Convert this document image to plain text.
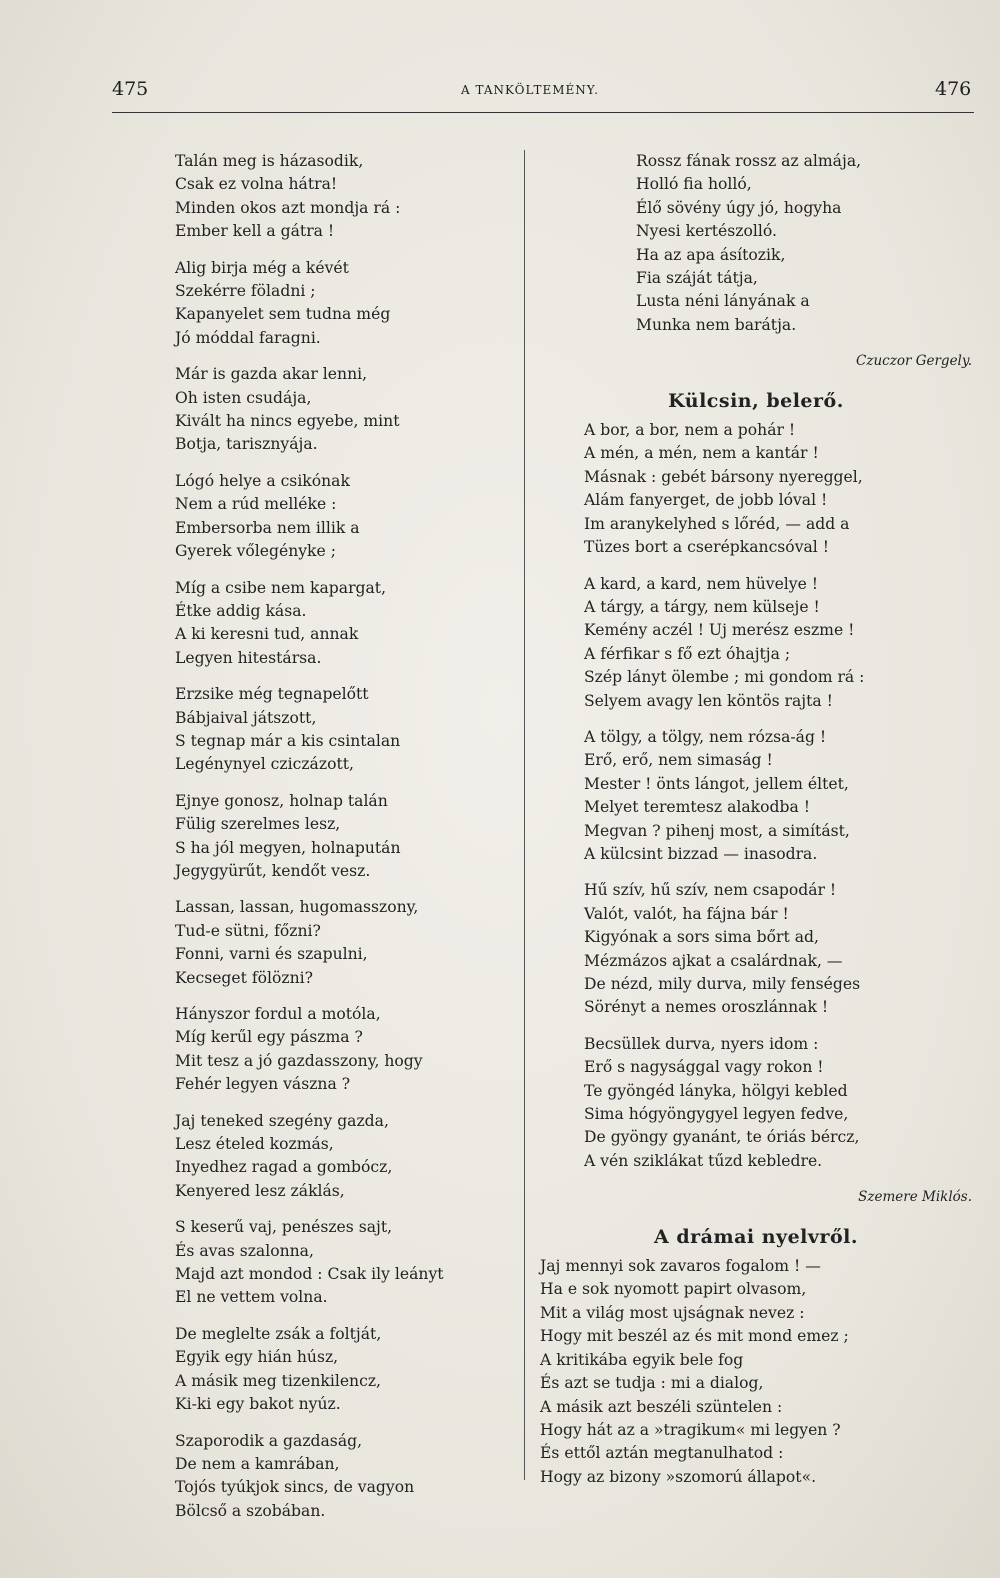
475	A TANKÖLTEMÉNY.	476
Talán meg is házasodik,
Csak ez volna hátra!
Minden okos azt mondja rá :
Ember kell a gátra !
Alig birja még a kévét
Szekérre föladni ;
Kapanyelet sem tudna még
Jó móddal faragni.
Már is gazda akar lenni,
Oh isten csudája,
Kivált ha nincs egyebe, mint
Botja, tarisznyája.
Lógó helye a csikónak
Nem a rúd melléke :
Embersorba nem illik a
Gyerek vőlegényke ;
Míg a csibe nem kapargat,
Étke addig kása.
A ki keresni tud, annak
Legyen hitestársa.
Erzsike még tegnapelőtt
Bábjaival játszott,
S tegnap már a kis csintalan
Legénynyel cziczázott,
Ejnye gonosz, holnap talán
Fülig szerelmes lesz,
S ha jól megyen, holnapután
Jegygyürűt, kendőt vesz.
Lassan, lassan, hugomasszony,
Tud-e sütni, főzni?
Fonni, varni és szapulni,
Kecseget fölözni?
Hányszor fordul a motóla,
Míg kerűl egy pászma ?
Mit tesz a jó gazdasszony, hogy
Fehér legyen vászna ?
Jaj teneked szegény gazda,
Lesz ételed kozmás,
Inyedhez ragad a gombócz,
Kenyered lesz záklás,
S keserű vaj, penészes sajt,
És avas szalonna,
Majd azt mondod : Csak ily leányt
El ne vettem volna.
De meglelte zsák a foltját,
Egyik egy hián húsz,
A másik meg tizenkilencz,
Ki-ki egy bakot nyúz.
Szaporodik a gazdaság,
De nem a kamrában,
Tojós tyúkjok sincs, de vagyon
Bölcső a szobában.
Rossz fának rossz az almája,
Holló fia holló,
Élő sövény úgy jó, hogyha
Nyesi kertészolló.
Ha az apa ásítozik,
Fia száját tátja,
Lusta néni lányának a
Munka nem barátja.
Czuczor Gergely.
Külcsin, belerő.
A bor, a bor, nem a pohár !
A mén, a mén, nem a kantár !
Másnak : gebét bársony nyereggel,
Alám fanyerget, de jobb lóval !
Im aranykelyhed s lőréd, — add a
Tüzes bort a cserépkancsóval !
A kard, a kard, nem hüvelye !
A tárgy, a tárgy, nem külseje !
Kemény aczél ! Uj merész eszme !
A férfikar s fő ezt óhajtja ;
Szép lányt ölembe ; mi gondom rá :
Selyem avagy len köntös rajta !
A tölgy, a tölgy, nem rózsa-ág !
Erő, erő, nem simaság !
Mester ! önts lángot, jellem éltet,
Melyet teremtesz alakodba !
Megvan ? pihenj most, a simítást,
A külcsint bizzad — inasodra.
Hű szív, hű szív, nem csapodár !
Valót, valót, ha fájna bár !
Kigyónak a sors sima bőrt ad,
Mézmázos ajkat a csalárdnak, —
De nézd, mily durva, mily fenséges
Sörényt a nemes oroszlánnak !
Becsüllek durva, nyers idom :
Erő s nagysággal vagy rokon !
Te gyöngéd lányka, hölgyi kebled
Sima hógyöngygyel legyen fedve,
De gyöngy gyanánt, te óriás bércz,
A vén sziklákat tűzd kebledre.
Szemere Miklós.
A drámai nyelvről.
Jaj mennyi sok zavaros fogalom ! —
Ha e sok nyomott papirt olvasom,
Mit a világ most ujságnak nevez :
Hogy mit beszél az és mit mond emez ;
A kritikába egyik bele fog
És azt se tudja : mi a dialog,
A másik azt beszéli szüntelen :
Hogy hát az a »tragikum« mi legyen ?
És ettől aztán megtanulhatod :
Hogy az bizony »szomorú állapot«.
